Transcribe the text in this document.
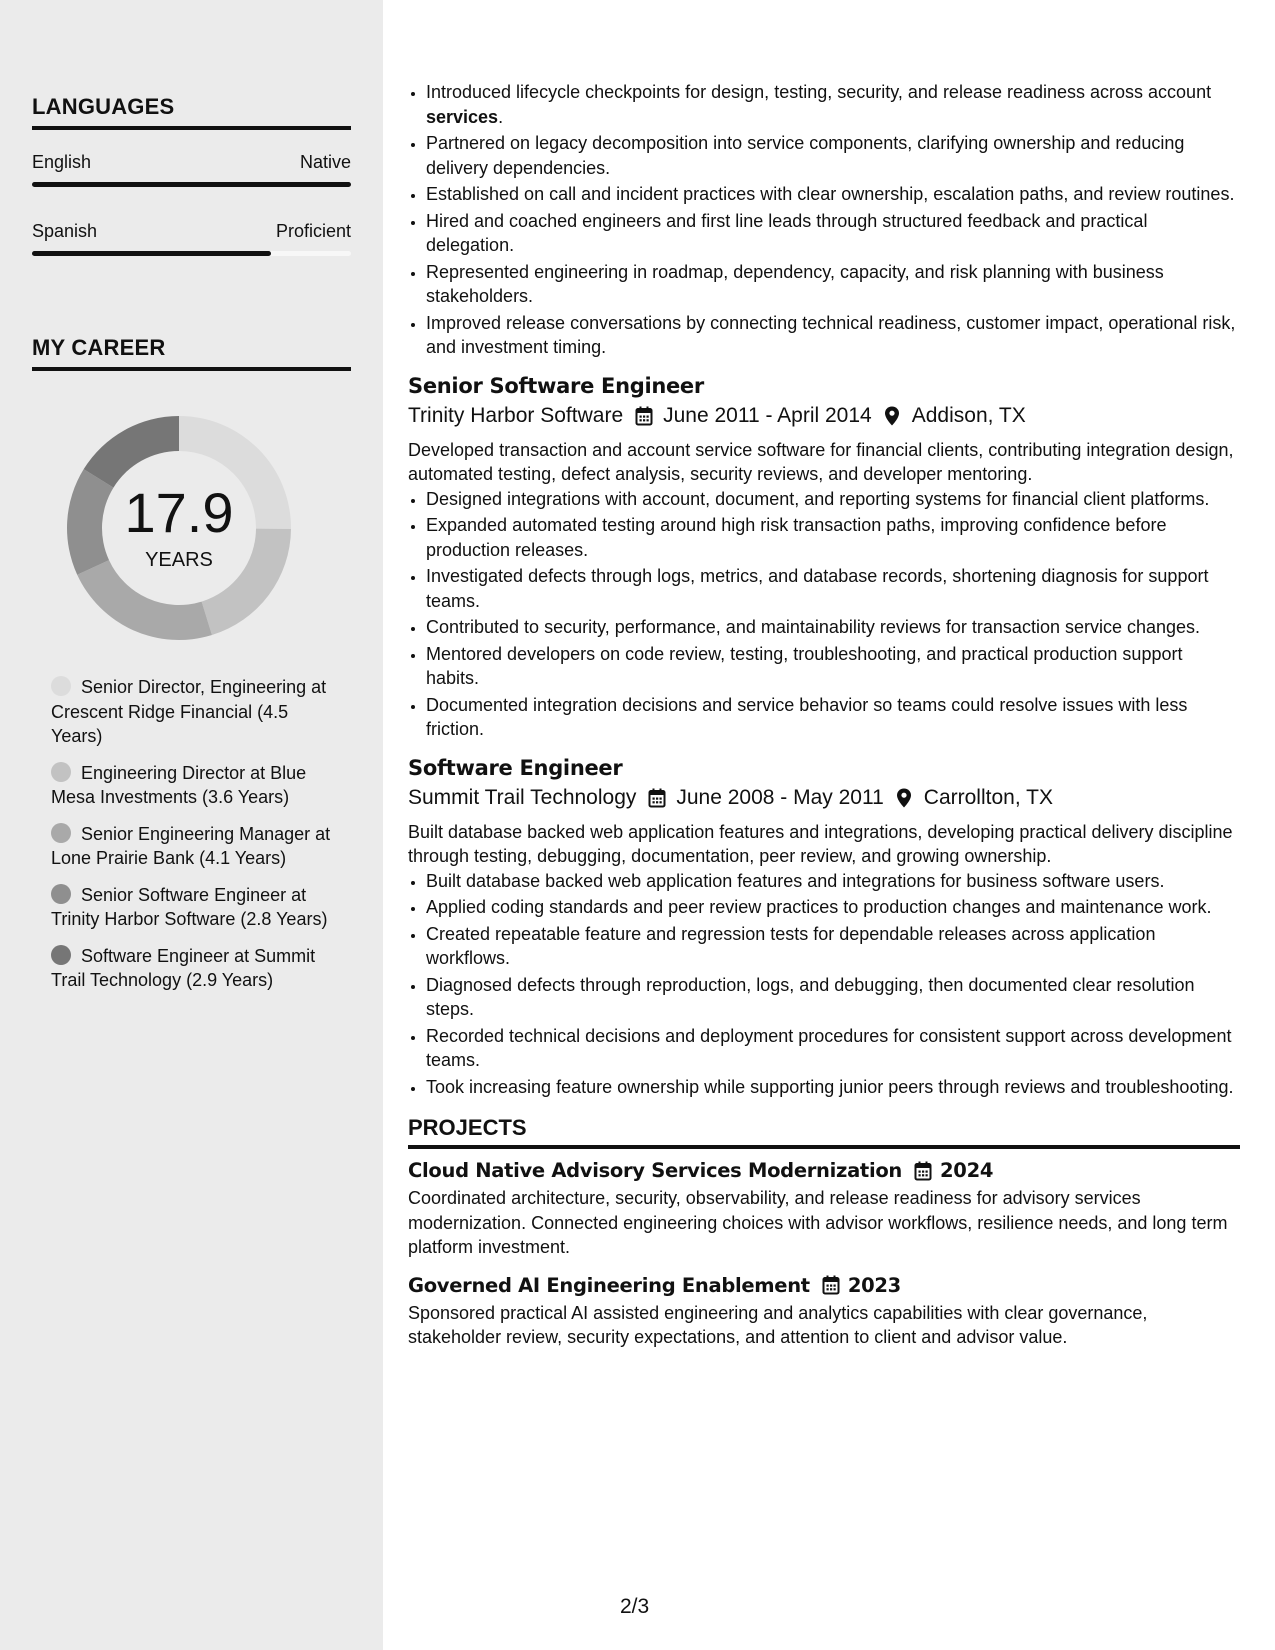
LANGUAGES
English	Native
Spanish	Proficient
MY CAREER
17.9
YEARS
Senior Director, Engineering at Crescent Ridge Financial (4.5 Years)
Engineering Director at Blue Mesa Investments (3.6 Years)
Senior Engineering Manager at Lone Prairie Bank (4.1 Years)
Senior Software Engineer at Trinity Harbor Software (2.8 Years)
Software Engineer at Summit Trail Technology (2.9 Years)
• Introduced lifecycle checkpoints for design, testing, security, and release readiness across account services.
• Partnered on legacy decomposition into service components, clarifying ownership and reducing delivery dependencies.
• Established on call and incident practices with clear ownership, escalation paths, and review routines.
• Hired and coached engineers and first line leads through structured feedback and practical delegation.
• Represented engineering in roadmap, dependency, capacity, and risk planning with business stakeholders.
• Improved release conversations by connecting technical readiness, customer impact, operational risk, and investment timing.
Senior Software Engineer
Trinity Harbor Software June 2011 - April 2014 Addison, TX

Developed transaction and account service software for financial clients, contributing integration design, automated testing, defect analysis, security reviews, and developer mentoring.

• Designed integrations with account, document, and reporting systems for financial client platforms.
• Expanded automated testing around high risk transaction paths, improving confidence before production releases.
• Investigated defects through logs, metrics, and database records, shortening diagnosis for support teams.
• Contributed to security, performance, and maintainability reviews for transaction service changes.
• Mentored developers on code review, testing, troubleshooting, and practical production support habits.
• Documented integration decisions and service behavior so teams could resolve issues with less friction.
Software Engineer
Summit Trail Technology June 2008 - May 2011 Carrollton, TX

Built database backed web application features and integrations, developing practical delivery discipline through testing, debugging, documentation, peer review, and growing ownership.

• Built database backed web application features and integrations for business software users.
• Applied coding standards and peer review practices to production changes and maintenance work.
• Created repeatable feature and regression tests for dependable releases across application workflows.
• Diagnosed defects through reproduction, logs, and debugging, then documented clear resolution steps.
• Recorded technical decisions and deployment procedures for consistent support across development teams.
• Took increasing feature ownership while supporting junior peers through reviews and troubleshooting.
PROJECTS
Cloud Native Advisory Services Modernization 2024

Coordinated architecture, security, observability, and release readiness for advisory services modernization. Connected engineering choices with advisor workflows, resilience needs, and long term platform investment.

Governed AI Engineering Enablement 2023

Sponsored practical AI assisted engineering and analytics capabilities with clear governance, stakeholder review, security expectations, and attention to client and advisor value.

2/3
